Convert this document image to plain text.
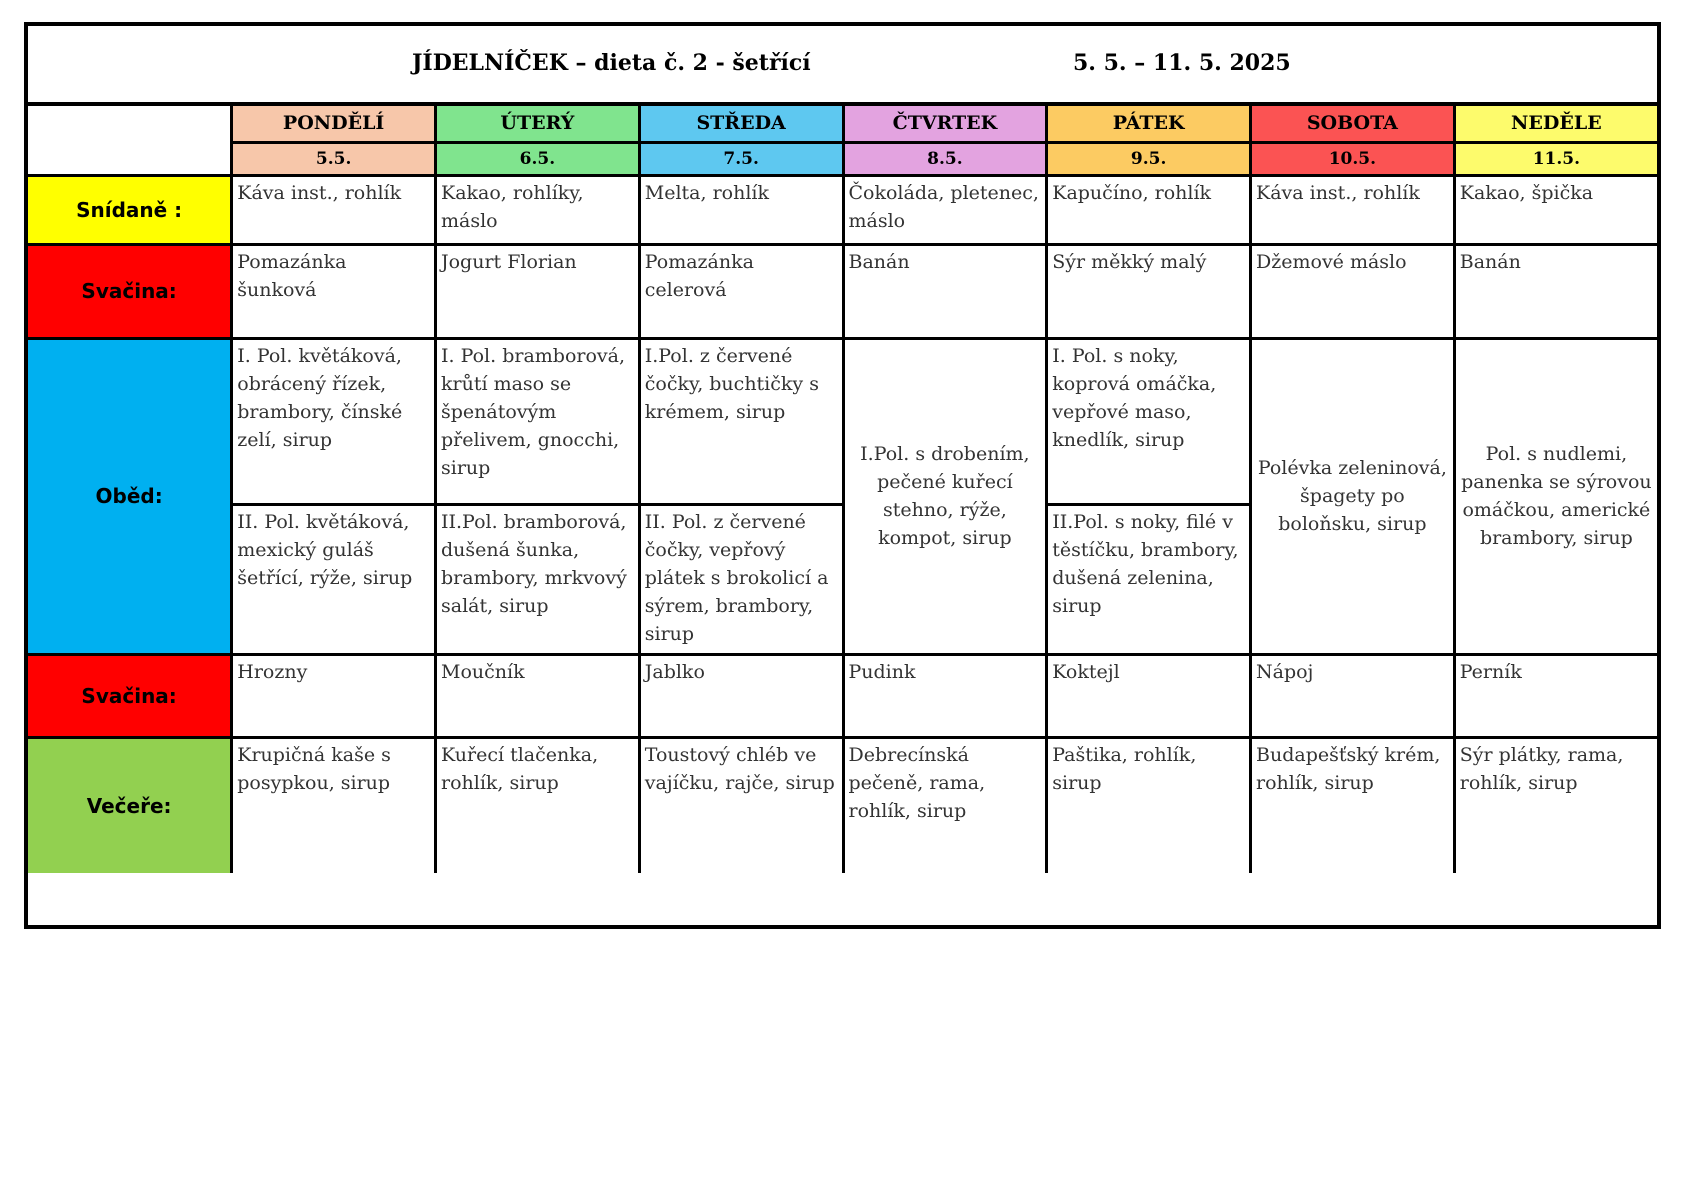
JÍDELNÍČEK – dieta č. 2 - šetřící	5. 5. – 11. 5. 2025
	PONDĚLÍ	ÚTERÝ	STŘEDA	ČTVRTEK	PÁTEK	SOBOTA	NEDĚLE
	5.5.	6.5.	7.5.	8.5.	9.5.	10.5.	11.5.
Snídaně :	Káva inst., rohlík	Kakao, rohlíky, máslo	Melta, rohlík	Čokoláda, pletenec, máslo	Kapučíno, rohlík	Káva inst., rohlík	Kakao, špička
Svačina:	Pomazánka šunková	Jogurt Florian	Pomazánka celerová	Banán	Sýr měkký malý	Džemové máslo	Banán
Oběd:	I. Pol. květáková, obrácený řízek, brambory, čínské zelí, sirup	I. Pol. bramborová, krůtí maso se špenátovým přelivem, gnocchi, sirup	I.Pol. z červené čočky, buchtičky s krémem, sirup	I.Pol. s drobením, pečené kuřecí stehno, rýže, kompot, sirup	I. Pol. s noky, koprová omáčka, vepřové maso, knedlík, sirup	Polévka zeleninová, špagety po boloňsku, sirup	Pol. s nudlemi, panenka se sýrovou omáčkou, americké brambory, sirup
	II. Pol. květáková, mexický guláš šetřící, rýže, sirup	II.Pol. bramborová, dušená šunka, brambory, mrkvový salát, sirup	II. Pol. z červené čočky, vepřový plátek s brokolicí a sýrem, brambory, sirup		II.Pol. s noky, filé v těstíčku, brambory, dušená zelenina, sirup		
Svačina:	Hrozny	Moučník	Jablko	Pudink	Koktejl	Nápoj	Perník
Večeře:	Krupičná kaše s posypkou, sirup	Kuřecí tlačenka, rohlík, sirup	Toustový chléb ve vajíčku, rajče, sirup	Debrecínská pečeně, rama, rohlík, sirup	Paštika, rohlík, sirup	Budapešťský krém, rohlík, sirup	Sýr plátky, rama, rohlík, sirup
